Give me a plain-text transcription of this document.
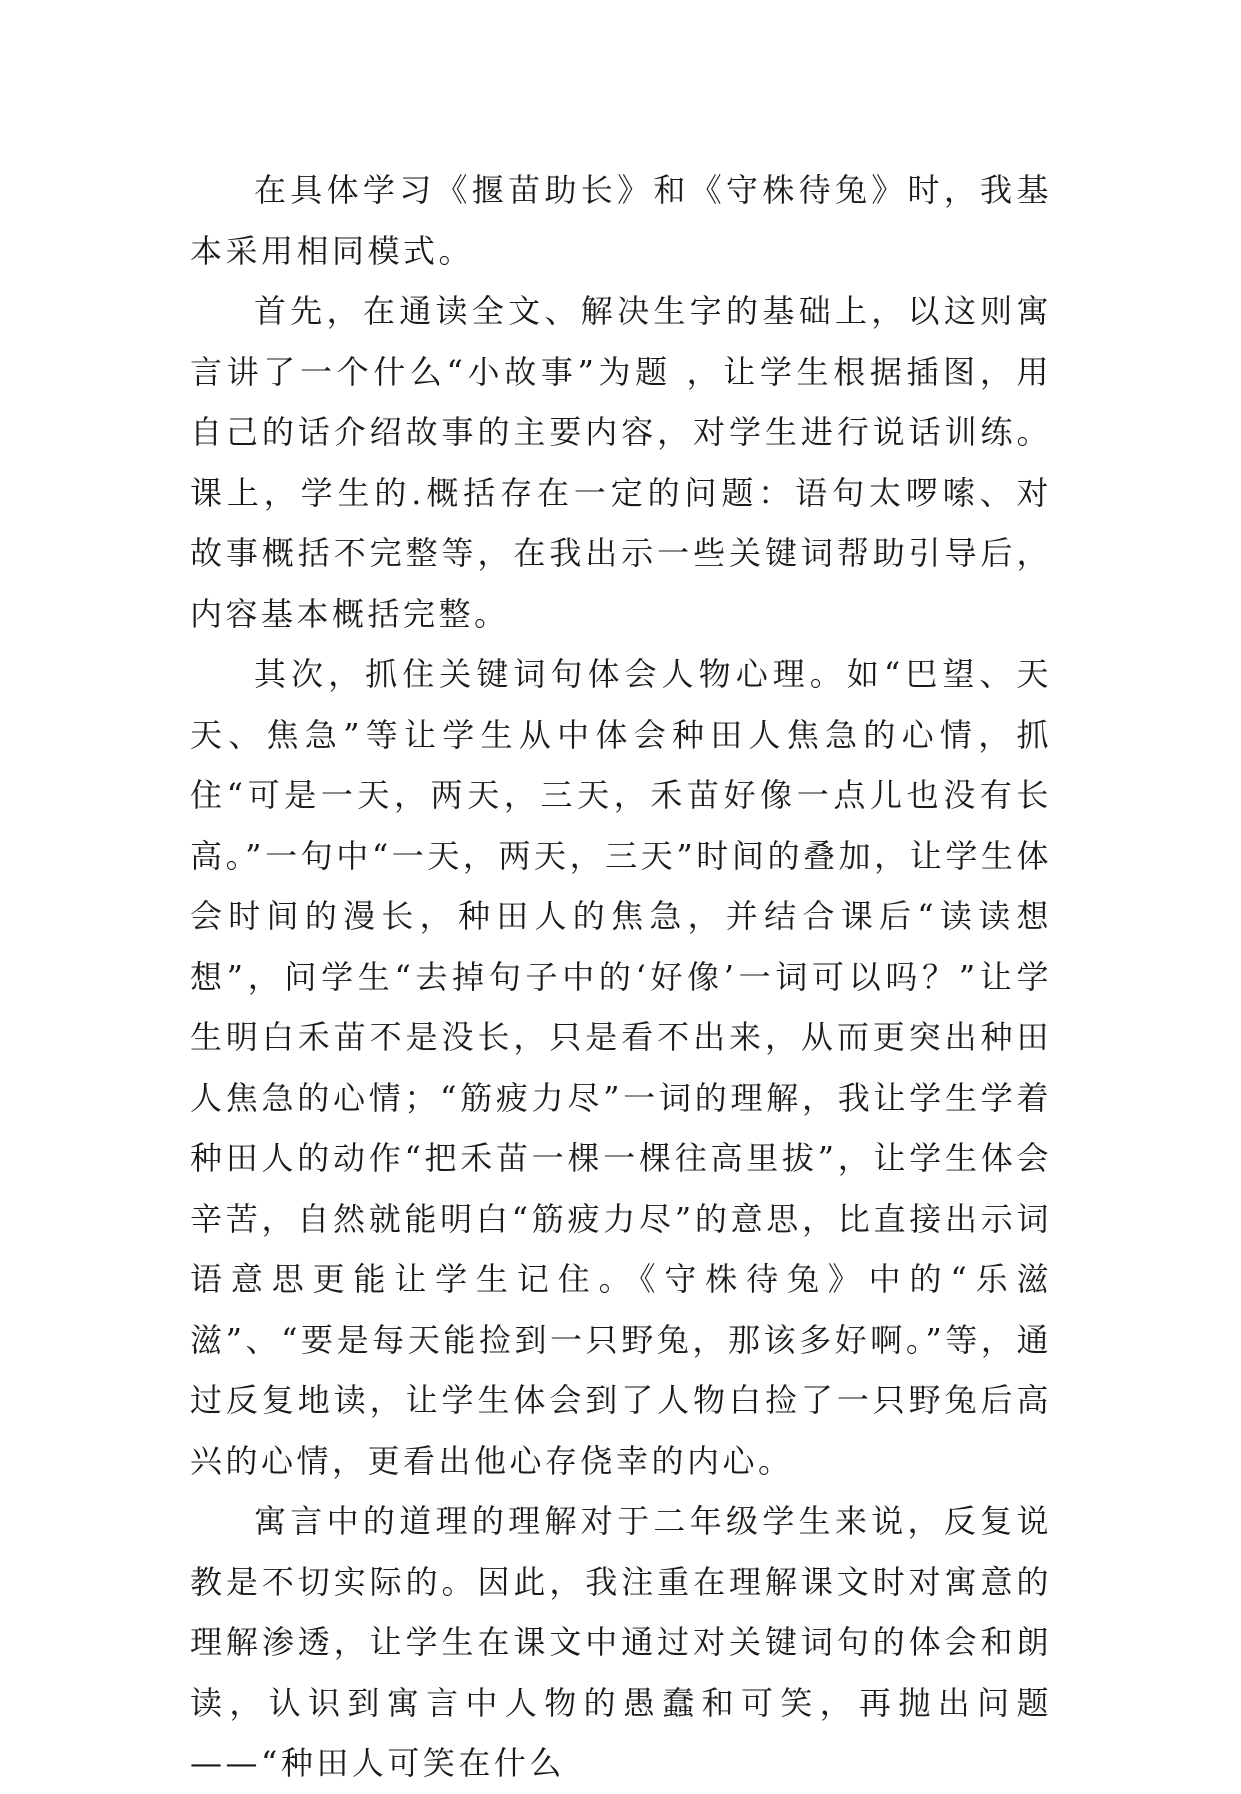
在具体学习《揠苗助长》和《守株待兔》时，我基本采用相同模式。

首先，在通读全文、解决生字的基础上，以这则寓言讲了一个什么“小故事”为题 ，让学生根据插图，用自己的话介绍故事的主要内容，对学生进行说话训练。课上，学生的.概括存在一定的问题：语句太啰嗦、对故事概括不完整等，在我出示一些关键词帮助引导后，内容基本概括完整。

其次，抓住关键词句体会人物心理。如“巴望、天天、焦急”等让学生从中体会种田人焦急的心情，抓住“可是一天，两天，三天，禾苗好像一点儿也没有长高。”一句中“一天，两天，三天”时间的叠加，让学生体会时间的漫长，种田人的焦急，并结合课后“读读想想”，问学生“去掉句子中的‘好像’一词可以吗？”让学生明白禾苗不是没长，只是看不出来，从而更突出种田人焦急的心情；“筋疲力尽”一词的理解，我让学生学着种田人的动作“把禾苗一棵一棵往高里拔”，让学生体会辛苦，自然就能明白“筋疲力尽”的意思，比直接出示词语意思更能让学生记住。《守株待兔》中的“乐滋滋”、“要是每天能捡到一只野兔，那该多好啊。”等，通过反复地读，让学生体会到了人物白捡了一只野兔后高兴的心情，更看出他心存侥幸的内心。

寓言中的道理的理解对于二年级学生来说，反复说教是不切实际的。因此，我注重在理解课文时对寓意的理解渗透，让学生在课文中通过对关键词句的体会和朗读，认识到寓言中人物的愚蠢和可笑，再抛出问题——“种田人可笑在什么
